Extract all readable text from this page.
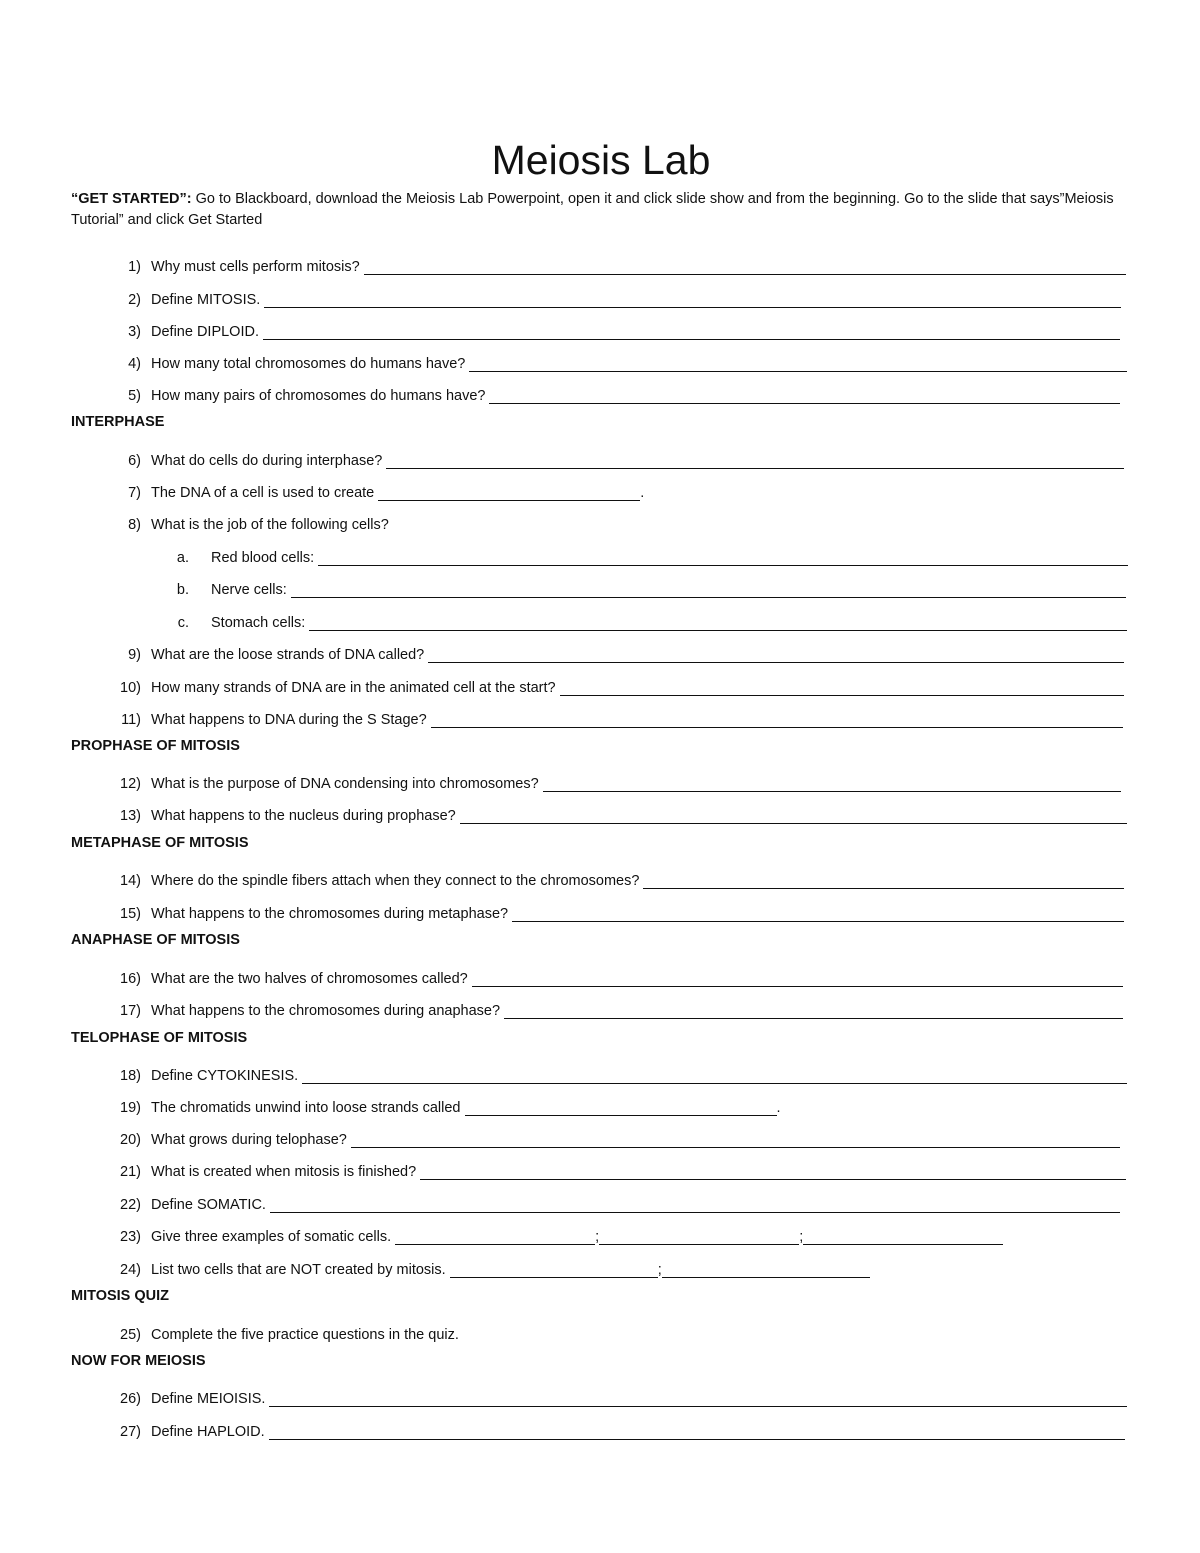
Meiosis Lab
“GET STARTED”: Go to Blackboard, download the Meiosis Lab Powerpoint, open it and click slide show and from the beginning. Go to the slide that says”Meiosis Tutorial” and click Get Started
1) Why must cells perform mitosis?
2) Define MITOSIS.
3) Define DIPLOID.
4) How many total chromosomes do humans have?
5) How many pairs of chromosomes do humans have?
INTERPHASE
6) What do cells do during interphase?
7) The DNA of a cell is used to create	.
8) What is the job of the following cells?
a.	Red blood cells:
b.	Nerve cells:
c.	Stomach cells:
9) What are the loose strands of DNA called?
10) How many strands of DNA are in the animated cell at the start?
11) What happens to DNA during the S Stage?
PROPHASE OF MITOSIS
12) What is the purpose of DNA condensing into chromosomes?
13) What happens to the nucleus during prophase?
METAPHASE OF MITOSIS
14) Where do the spindle fibers attach when they connect to the chromosomes?
15) What happens to the chromosomes during metaphase?
ANAPHASE OF MITOSIS
16) What are the two halves of chromosomes called?
17) What happens to the chromosomes during anaphase?
TELOPHASE OF MITOSIS
18) Define CYTOKINESIS.
19) The chromatids unwind into loose strands called	.
20) What grows during telophase?
21) What is created when mitosis is finished?
22) Define SOMATIC.
23) Give three examples of somatic cells.	;	;
24) List two cells that are NOT created by mitosis.	;
MITOSIS QUIZ
25) Complete the five practice questions in the quiz.
NOW FOR MEIOSIS
26) Define MEIOISIS.
27) Define HAPLOID.
